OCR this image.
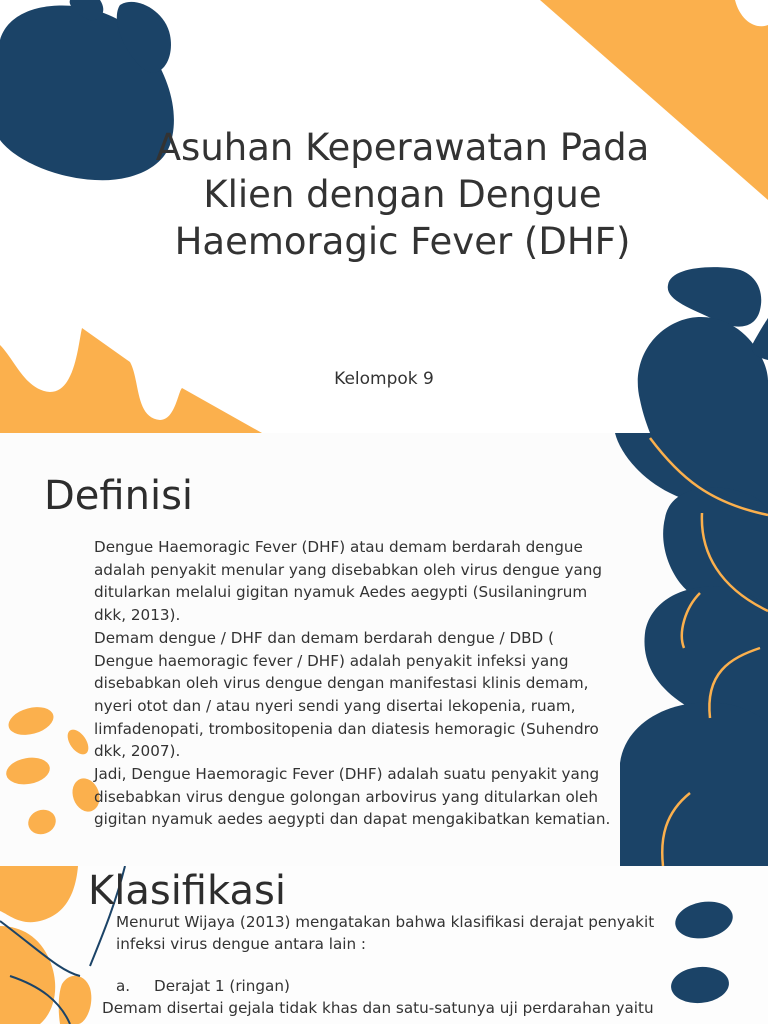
Asuhan Keperawatan Pada Klien dengan Dengue Haemoragic Fever (DHF)
Kelompok 9
Definisi

Dengue Haemoragic Fever (DHF) atau demam berdarah dengue adalah penyakit menular yang disebabkan oleh virus dengue yang ditularkan melalui gigitan nyamuk Aedes aegypti (Susilaningrum dkk, 2013).

Demam dengue / DHF dan demam berdarah dengue / DBD ( Dengue haemoragic fever / DHF) adalah penyakit infeksi yang disebabkan oleh virus dengue dengan manifestasi klinis demam, nyeri otot dan / atau nyeri sendi yang disertai lekopenia, ruam, limfadenopati, trombositopenia dan diatesis hemoragic (Suhendro dkk, 2007).

Jadi, Dengue Haemoragic Fever (DHF) adalah suatu penyakit yang disebabkan virus dengue golongan arbovirus yang ditularkan oleh gigitan nyamuk aedes aegypti dan dapat mengakibatkan kematian.

Klasifikasi

Menurut Wijaya (2013) mengatakan bahwa klasifikasi derajat penyakit infeksi virus dengue antara lain :

a. Derajat 1 (ringan)

Demam disertai gejala tidak khas dan satu-satunya uji perdarahan yaitu
